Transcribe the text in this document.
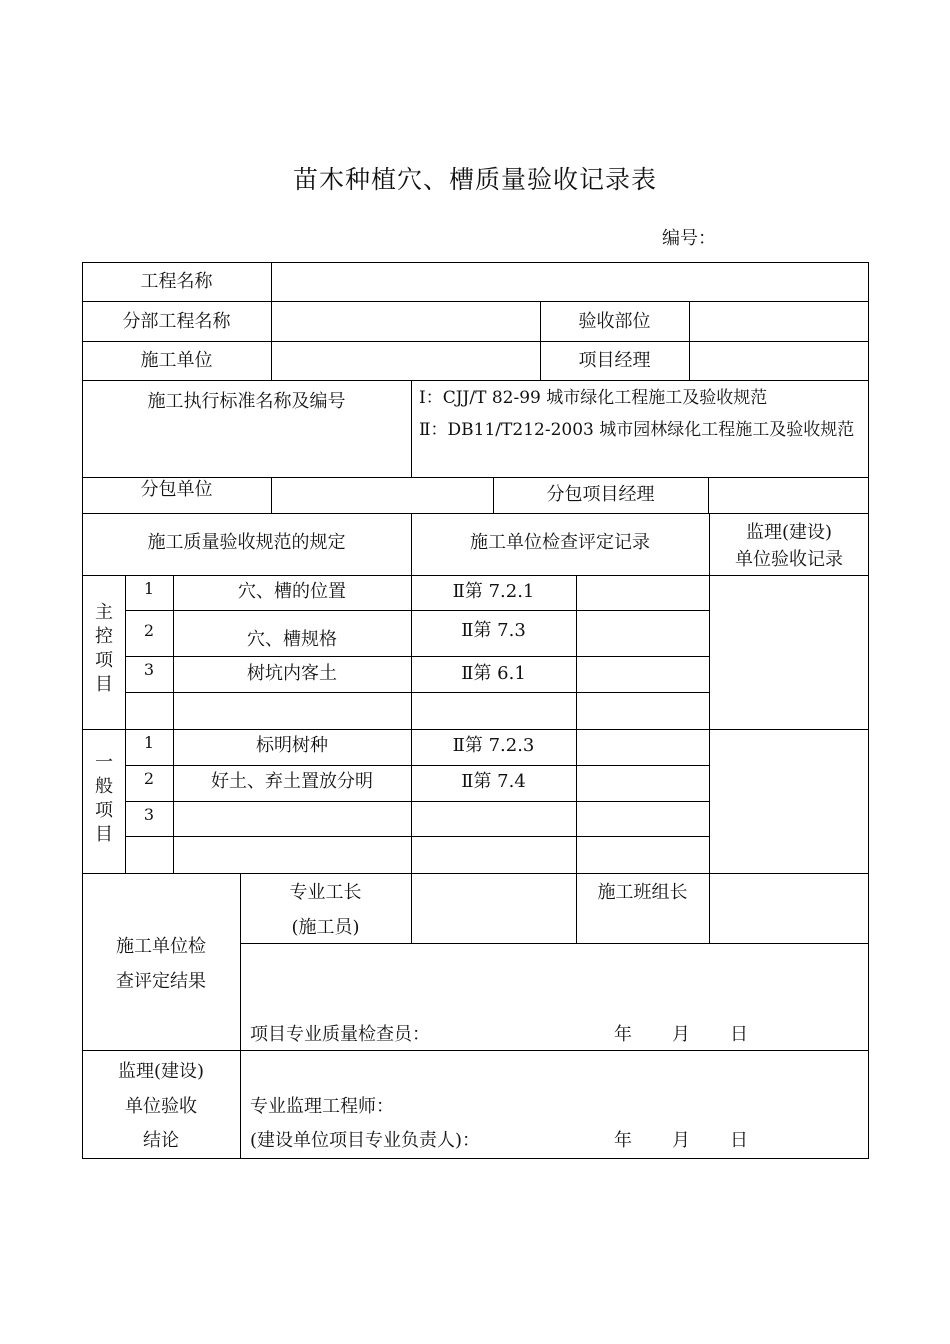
苗木种植穴、槽质量验收记录表
编号：
工程名称
分部工程名称	验收部位
施工单位	项目经理
施工执行标准名称及编号	Ⅰ：CJJ/T 82-99 城市绿化工程施工及验收规范
Ⅱ：DB11/T212-2003 城市园林绿化工程施工及验收规范
分包单位	分包项目经理
施工质量验收规范的规定	施工单位检查评定记录	监理(建设)
单位验收记录
主控项目
1	穴、槽的位置	Ⅱ第 7.2.1
2	穴、槽规格	Ⅱ第 7.3
3	树坑内客土	Ⅱ第 6.1
一般项目
1	标明树种	Ⅱ第 7.2.3
2	好土、弃土置放分明	Ⅱ第 7.4
3
施工单位检
查评定结果
专业工长
(施工员)
施工班组长
项目专业质量检查员：	年 月 日
监理(建设)
单位验收
结论
专业监理工程师：
(建设单位项目专业负责人)：	年 月 日
